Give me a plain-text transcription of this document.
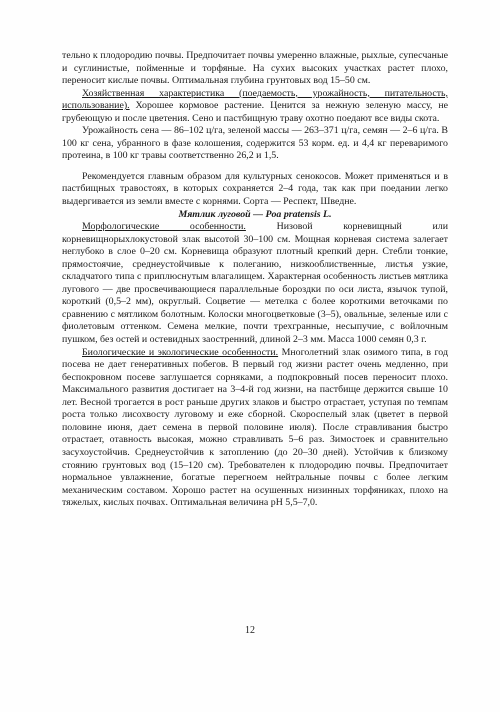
тельно к плодородию почвы. Предпочитает почвы умеренно влажные, рыхлые, супесчаные и суглинистые, пойменные и торфяные. На сухих высоких участках растет плохо, переносит кислые почвы. Оптимальная глубина грунтовых вод 15–50 см.

Хозяйственная характеристика (поедаемость, урожайность, питательность, использование). Хорошее кормовое растение. Ценится за нежную зеленую массу, не грубеющую и после цветения. Сено и пастбищную траву охотно поедают все виды скота.

Урожайность сена — 86–102 ц/га, зеленой массы — 263–371 ц/га, семян — 2–6 ц/га. В 100 кг сена, убранного в фазе колошения, содержится 53 корм. ед. и 4,4 кг переваримого протеина, в 100 кг травы соответственно 26,2 и 1,5.

Рекомендуется главным образом для культурных сенокосов. Может применяться и в пастбищных травостоях, в которых сохраняется 2–4 года, так как при поедании легко выдергивается из земли вместе с корнями. Сорта — Респект, Шведне.

Мятлик луговой — Poa pratensis L.

Морфологические особенности. Низовой корневищный или корневищнорыхлокустовой злак высотой 30–100 см. Мощная корневая система залегает неглубоко в слое 0–20 см. Корневища образуют плотный крепкий дерн. Стебли тонкие, прямостоячие, среднеустойчивые к полеганию, низкооблиственные, листья узкие, складчатого типа с приплюснутым влагалищем. Характерная особенность листьев мятлика лугового — две просвечивающиеся параллельные бороздки по оси листа, язычок тупой, короткий (0,5–2 мм), округлый. Соцветие — метелка с более короткими веточками по сравнению с мятликом болотным. Колоски многоцветковые (3–5), овальные, зеленые или с фиолетовым оттенком. Семена мелкие, почти трехгранные, несыпучие, с войлочным пушком, без остей и остевидных заостренний, длиной 2–3 мм. Масса 1000 семян 0,3 г.

Биологические и экологические особенности. Многолетний злак озимого типа, в год посева не дает генеративных побегов. В первый год жизни растет очень медленно, при беспокровном посеве заглушается сорняками, а подпокровный посев переносит плохо. Максимального развития достигает на 3–4-й год жизни, на пастбище держится свыше 10 лет. Весной трогается в рост раньше других злаков и быстро отрастает, уступая по темпам роста только лисохвосту луговому и еже сборной. Скороспелый злак (цветет в первой половине июня, дает семена в первой половине июля). После стравливания быстро отрастает, отавность высокая, можно стравливать 5–6 раз. Зимостоек и сравнительно засухоустойчив. Среднеустойчив к затоплению (до 20–30 дней). Устойчив к близкому стоянию грунтовых вод (15–120 см). Требователен к плодородию почвы. Предпочитает нормальное увлажнение, богатые перегноем нейтральные почвы с более легким механическим составом. Хорошо растет на осушенных низинных торфяниках, плохо на тяжелых, кислых почвах. Оптимальная величина рН 5,5–7,0.

12
